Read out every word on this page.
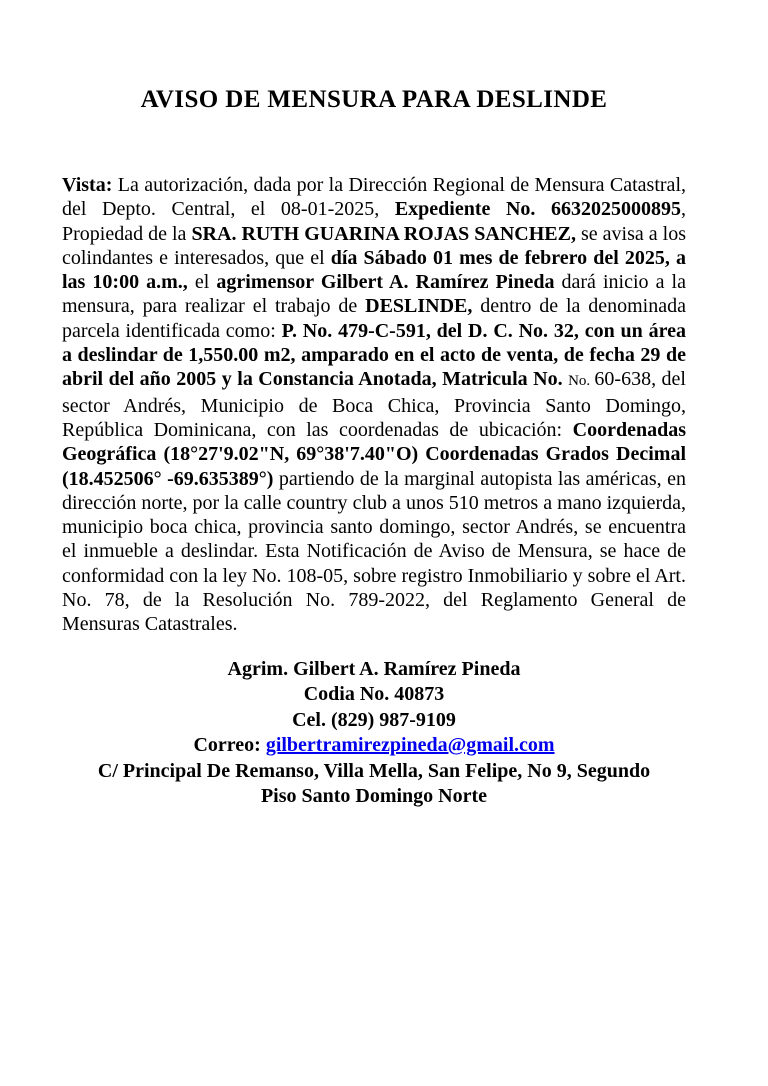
AVISO DE MENSURA PARA DESLINDE

Vista: La autorización, dada por la Dirección Regional de Mensura Catastral, del Depto. Central, el 08-01-2025, Expediente No. 6632025000895, Propiedad de la SRA. RUTH GUARINA ROJAS SANCHEZ, se avisa a los colindantes e interesados, que el día Sábado 01 mes de febrero del 2025, a las 10:00 a.m., el agrimensor Gilbert A. Ramírez Pineda dará inicio a la mensura, para realizar el trabajo de DESLINDE, dentro de la denominada parcela identificada como: P. No. 479-C-591, del D. C. No. 32, con un área a deslindar de 1,550.00 m2, amparado en el acto de venta, de fecha 29 de abril del año 2005 y la Constancia Anotada, Matricula No. No. 60-638, del sector Andrés, Municipio de Boca Chica, Provincia Santo Domingo, República Dominicana, con las coordenadas de ubicación: Coordenadas Geográfica (18°27'9.02"N, 69°38'7.40"O) Coordenadas Grados Decimal (18.452506° -69.635389°) partiendo de la marginal autopista las américas, en dirección norte, por la calle country club a unos 510 metros a mano izquierda, municipio boca chica, provincia santo domingo, sector Andrés, se encuentra el inmueble a deslindar. Esta Notificación de Aviso de Mensura, se hace de conformidad con la ley No. 108-05, sobre registro Inmobiliario y sobre el Art. No. 78, de la Resolución No. 789-2022, del Reglamento General de Mensuras Catastrales.

Agrim. Gilbert A. Ramírez Pineda
Codia No. 40873
Cel. (829) 987-9109
Correo: gilbertramirezpineda@gmail.com
C/ Principal De Remanso, Villa Mella, San Felipe, No 9, Segundo
Piso Santo Domingo Norte
